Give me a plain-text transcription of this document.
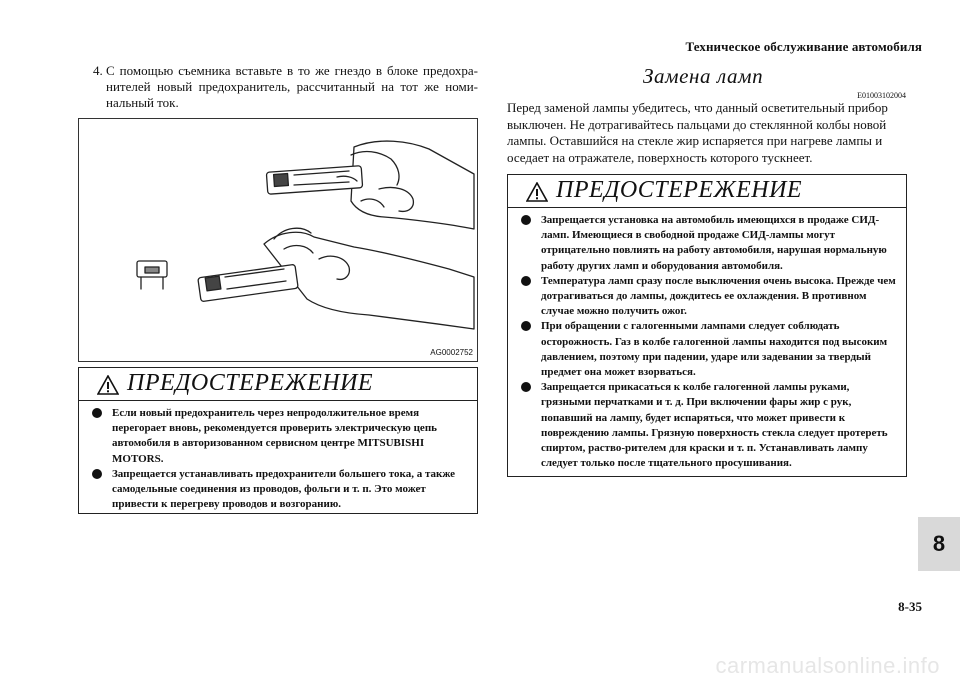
Техническое обслуживание автомобиля
4. С помощью съемника вставьте в то же гнездо в блоке предохра-нителей новый предохранитель, рассчитанный на тот же номи-нальный ток.
AG0002752
ПРЕДОСТЕРЕЖЕНИЕ
Если новый предохранитель через непродолжительное время перегорает вновь, рекомендуется проверить электрическую цепь автомобиля в авторизованном сервисном центре MITSUBISHI MOTORS.
Запрещается устанавливать предохранители большего тока, а также самодельные соединения из проводов, фольги и т. п. Это может привести к перегреву проводов и возгоранию.
Замена ламп
E01003102004
Перед заменой лампы убедитесь, что данный осветительный прибор выключен. Не дотрагивайтесь пальцами до стеклянной колбы новой лампы. Оставшийся на стекле жир испаряется при нагреве лампы и оседает на отражателе, поверхность которого тускнеет.
ПРЕДОСТЕРЕЖЕНИЕ
Запрещается установка на автомобиль имеющихся в продаже СИД-ламп. Имеющиеся в свободной продаже СИД-лампы могут отрицательно повлиять на работу автомобиля, нарушая нормальную работу других ламп и оборудования автомобиля.
Температура ламп сразу после выключения очень высока. Прежде чем дотрагиваться до лампы, дождитесь ее охлаждения. В противном случае можно получить ожог.
При обращении с галогенными лампами следует соблюдать осторожность. Газ в колбе галогенной лампы находится под высоким давлением, поэтому при падении, ударе или задевании за твердый предмет она может взорваться.
Запрещается прикасаться к колбе галогенной лампы руками, грязными перчатками и т. д. При включении фары жир с рук, попавший на лампу, будет испаряться, что может привести к повреждению лампы. Грязную поверхность стекла следует протереть спиртом, раство-рителем для краски и т. п. Устанавливать лампу следует только после тщательного просушивания.
8
8-35
carmanualsonline.info
